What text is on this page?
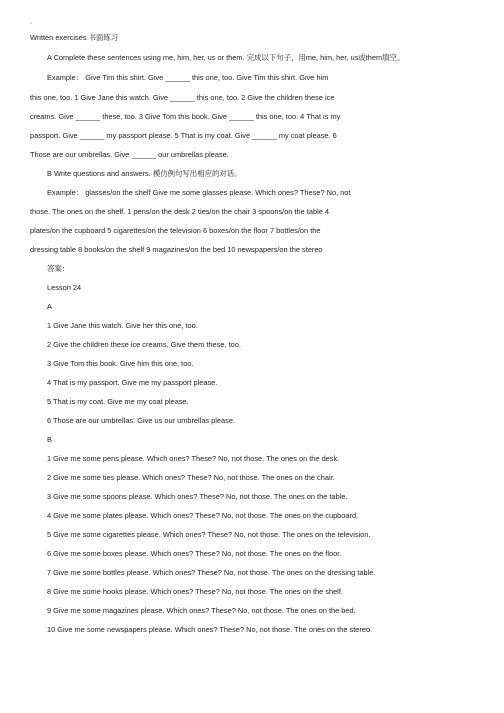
▫
Written exercises 书面练习
A Complete these sentences using me, him, her, us or them. 完成以下句子，用me, him, her, us或them填空。
Example： Give Tim this shirt. Give ______ this one, too. Give Tim this shirt. Give him
this one, too. 1 Give Jane this watch. Give ______ this one, too. 2 Give the children these ice
creams. Give ______ these, too. 3 Give Tom this book. Give ______ this one, too. 4 That is my
passport. Give ______ my passport please. 5 That is my coat. Give ______ my coat please. 6
Those are our umbrellas. Give ______ our umbrellas please.
B Write questions and answers. 模仿例句写出相应的对话。
Example： glasses/on the shelf Give me some glasses please. Which ones? These? No, not
those. The ones on the shelf. 1 pens/on the desk 2 ties/on the chair 3 spoons/on the table 4
plates/on the cupboard 5 cigarettes/on the television 6 boxes/on the floor 7 bottles/on the
dressing table 8 books/on the shelf 9 magazines/on the bed 10 newspapers/on the stereo
答案：
Lesson 24
A
1 Give Jane this watch. Give her this one, too.
2 Give the children these ice creams. Give them these, too.
3 Give Tom this book. Give him this one, too.
4 That is my passport. Give me my passport please.
5 That is my coat. Give me my coat please.
6 Those are our umbrellas. Give us our umbrellas please.
B
1 Give me some pens please. Which ones? These? No, not those. The ones on the desk.
2 Give me some ties please. Which ones? These? No, not those. The ones on the chair.
3 Give me some spoons please. Which ones? These? No, not those. The ones on the table.
4 Give me some plates please. Which ones? These? No, not those. The ones on the cupboard.
5 Give me some cigarettes please. Which ones? These? No, not those. The ones on the television.
6 Give me some boxes please. Which ones? These? No, not those. The ones on the floor.
7 Give me some bottles please. Which ones? These? No, not those. The ones on the dressing table.
8 Give me some hooks please. Which ones? These? No, not those. The ones on the shelf.
9 Give me some magazines please. Which ones? These? No, not those. The ones on the bed.
10 Give me some newspapers please. Which ones? These? No, not those. The ones on the stereo.
